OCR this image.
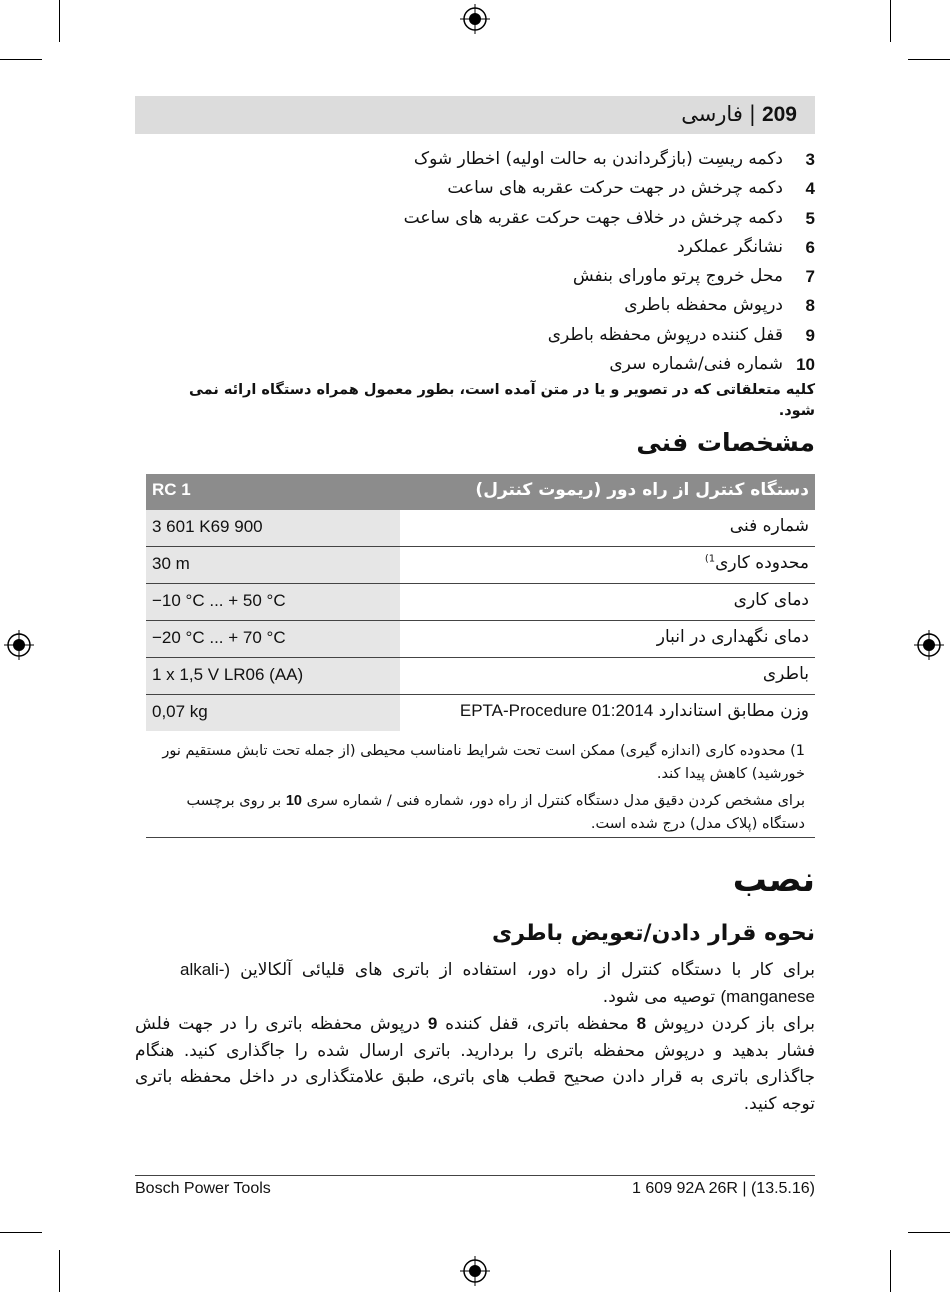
209|فارسی
3
دکمه ریسِت (بازگرداندن به حالت اولیه) اخطار شوک
4
دکمه چرخش در جهت حرکت عقربه های ساعت
5
دکمه چرخش در خلاف جهت حرکت عقربه های ساعت
6
نشانگر عملکرد
7
محل خروج پرتو ماورای بنفش
8
درپوش محفظه باطری
9
قفل کننده درپوش محفظه باطری
10
شماره فنی/شماره سری
کلیه متعلقاتی که در تصویر و یا در متن آمده است، بطور معمول همراه دستگاه ارائه نمی شود.
مشخصات فنی
RC 1	دستگاه کنترل از راه دور (ریموت کنترل)
3 601 K69 900	شماره فنی
30 m	محدوده کاری$^{1)}$
−10 °C ... + 50 °C	دمای کاری
−20 °C ... + 70 °C	دمای نگهداری در انبار
1 x 1,5 V LR06 (AA)	باطری
0,07 kg	وزن مطابق استاندارد EPTA-Procedure 01:2014
1) محدوده کاری (اندازه گیری) ممکن است تحت شرایط نامناسب محیطی (از جمله تحت تابش مستقیم نور خورشید) کاهش پیدا کند.
برای مشخص کردن دقیق مدل دستگاه کنترل از راه دور، شماره فنی / شماره سری 10 بر روی برچسب دستگاه (پلاک مدل) درج شده است.
نصب
نحوه قرار دادن/تعویض باطری
برای کار با دستگاه کنترل از راه دور، استفاده از باتری های قلیائی آلکالاین (alkali-manganese) توصیه می شود.
برای باز کردن درپوش 8 محفظه باتری، قفل کننده 9 درپوش محفظه باتری را در جهت فلش فشار بدهید و درپوش محفظه باتری را بردارید. باتری ارسال شده را جاگذاری کنید. هنگام جاگذاری باتری به قرار دادن صحیح قطب های باتری، طبق علامتگذاری در داخل محفظه باتری توجه کنید.
Bosch Power Tools	1 609 92A 26R | (13.5.16)
